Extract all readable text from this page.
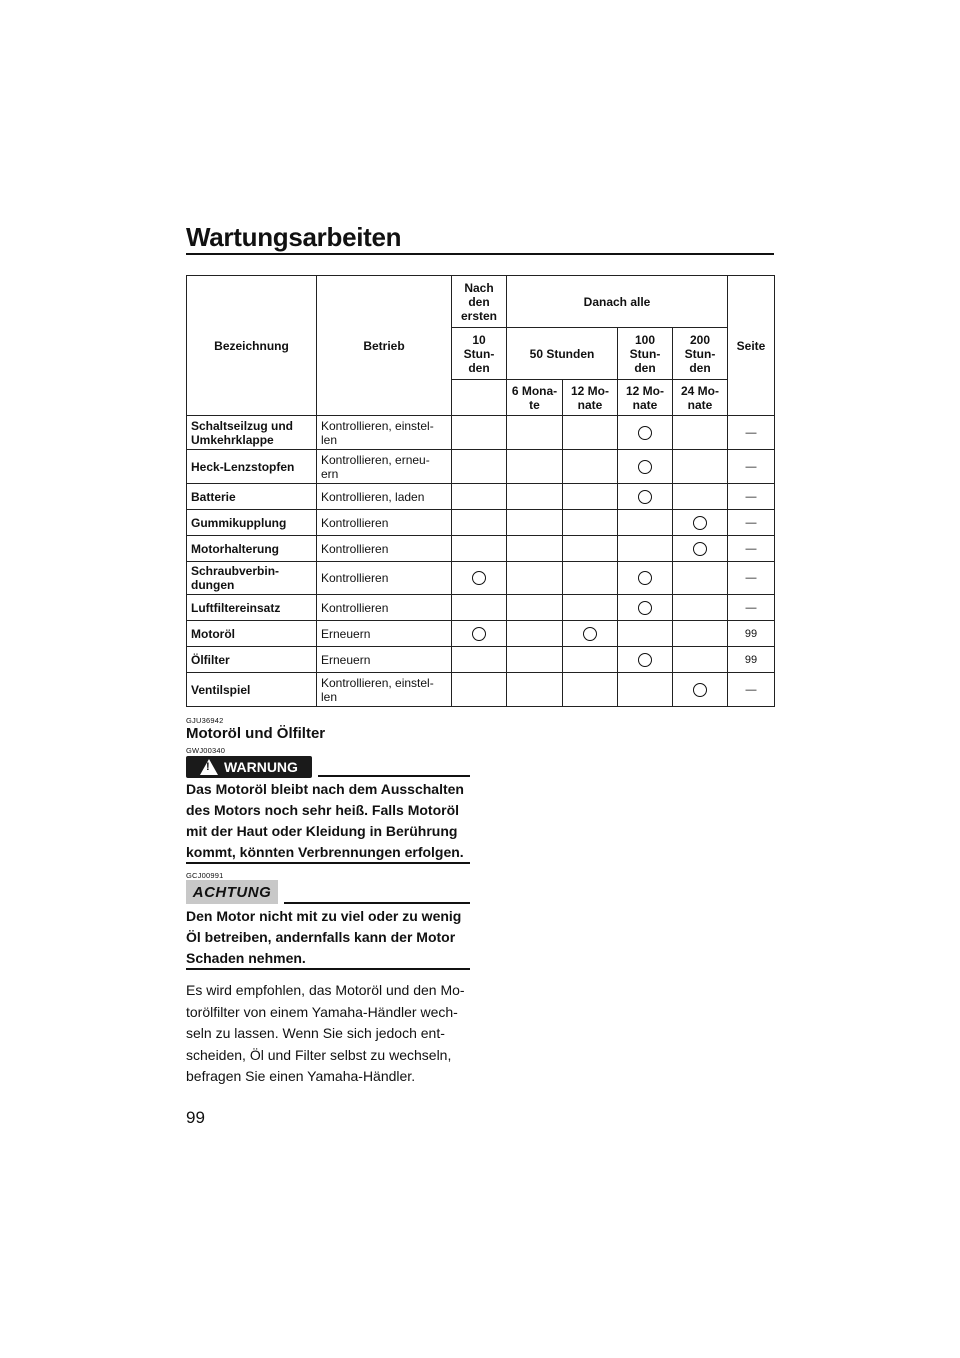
Wartungsarbeiten
Bezeichnung	Betrieb	Nach den ersten	Danach alle				Seite
		10 Stun- den	50 Stunden		100 Stun- den	200 Stun- den	
			6 Mona- te	12 Mo- nate	12 Mo- nate	24 Mo- nate	
Schaltseilzug und Umkehrklappe	Kontrollieren, einstel- len						—
Heck-Lenzstopfen	Kontrollieren, erneu- ern						—
Batterie	Kontrollieren, laden						—
Gummikupplung	Kontrollieren						—
Motorhalterung	Kontrollieren						—
Schraubverbin- dungen	Kontrollieren						—
Luftfiltereinsatz	Kontrollieren						—
Motoröl	Erneuern						99
Ölfilter	Erneuern						99
Ventilspiel	Kontrollieren, einstel- len						—
GJU36942
Motoröl und Ölfilter
GWJ00340
! WARNUNG
Das Motoröl bleibt nach dem Ausschalten des Motors noch sehr heiß. Falls Motoröl mit der Haut oder Kleidung in Berührung kommt, könnten Verbrennungen erfolgen.
GCJ00991
ACHTUNG
Den Motor nicht mit zu viel oder zu wenig Öl betreiben, andernfalls kann der Motor Schaden nehmen.
Es wird empfohlen, das Motoröl und den Mo- torölfilter von einem Yamaha-Händler wech- seln zu lassen. Wenn Sie sich jedoch ent- scheiden, Öl und Filter selbst zu wechseln, befragen Sie einen Yamaha-Händler.
99
